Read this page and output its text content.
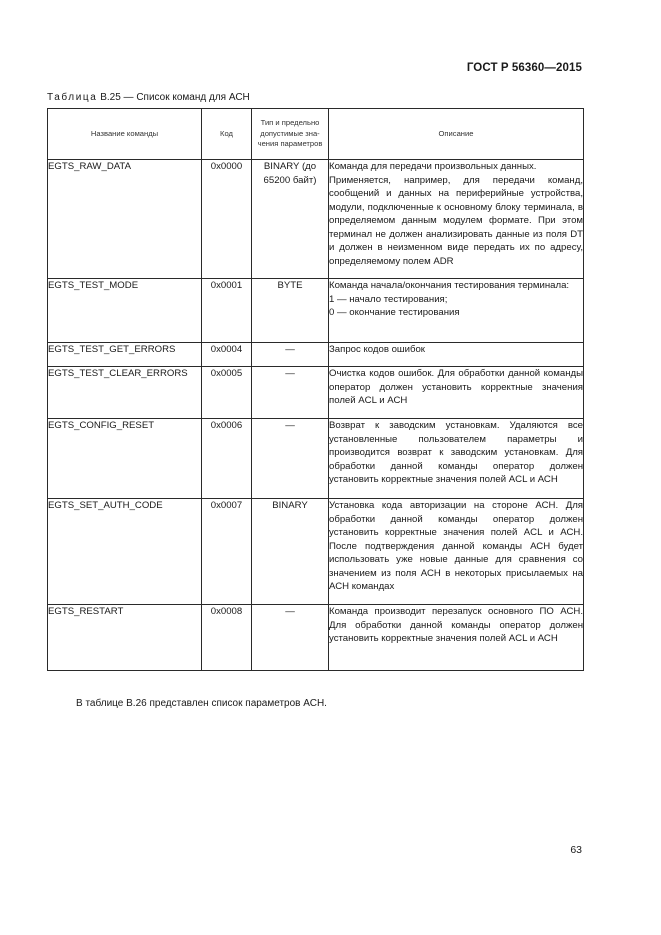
ГОСТ Р 56360—2015
Таблица В.25 — Список команд для АСН
Название команды	Код	Тип и предельно допустимые зна-чения параметров	Описание
EGTS_RAW_DATA	0x0000	BINARY (до 65200 байт)	Команда для передачи произвольных данных.
Применяется, например, для передачи команд, сообщений и данных на периферийные устройства, модули, подключенные к основному блоку терминала, в определяемом данным модулем формате. При этом терминал не должен анализировать данные из поля DT и должен в неизменном виде передать их по адресу, определяемому полем ADR

EGTS_TEST_MODE	0x0001	BYTE	Команда начала/окончания тестирования терминала:
1 — начало тестирования;
0 — окончание тестирования

EGTS_TEST_GET_ERRORS	0x0004	—	Запрос кодов ошибок

EGTS_TEST_CLEAR_ERRORS	0x0005	—	Очистка кодов ошибок. Для обработки данной команды оператор должен установить корректные значения полей ACL и АСН

EGTS_CONFIG_RESET	0x0006	—	Возврат к заводским установкам. Удаляются все установленные пользователем параметры и производится возврат к заводским установкам. Для обработки данной команды оператор должен установить корректные значения полей ACL и АСН

EGTS_SET_AUTH_CODE	0x0007	BINARY	Установка кода авторизации на стороне АСН. Для обработки данной команды оператор должен установить корректные значения полей ACL и АСН. После подтверждения данной команды АСН будет использовать уже новые данные для сравнения со значением из поля АСН в некоторых присылаемых на АСН командах

EGTS_RESTART	0x0008	—	Команда производит перезапуск основного ПО АСН. Для обработки данной команды оператор должен установить корректные значения полей ACL и АСН
В таблице В.26 представлен список параметров АСН.
63
